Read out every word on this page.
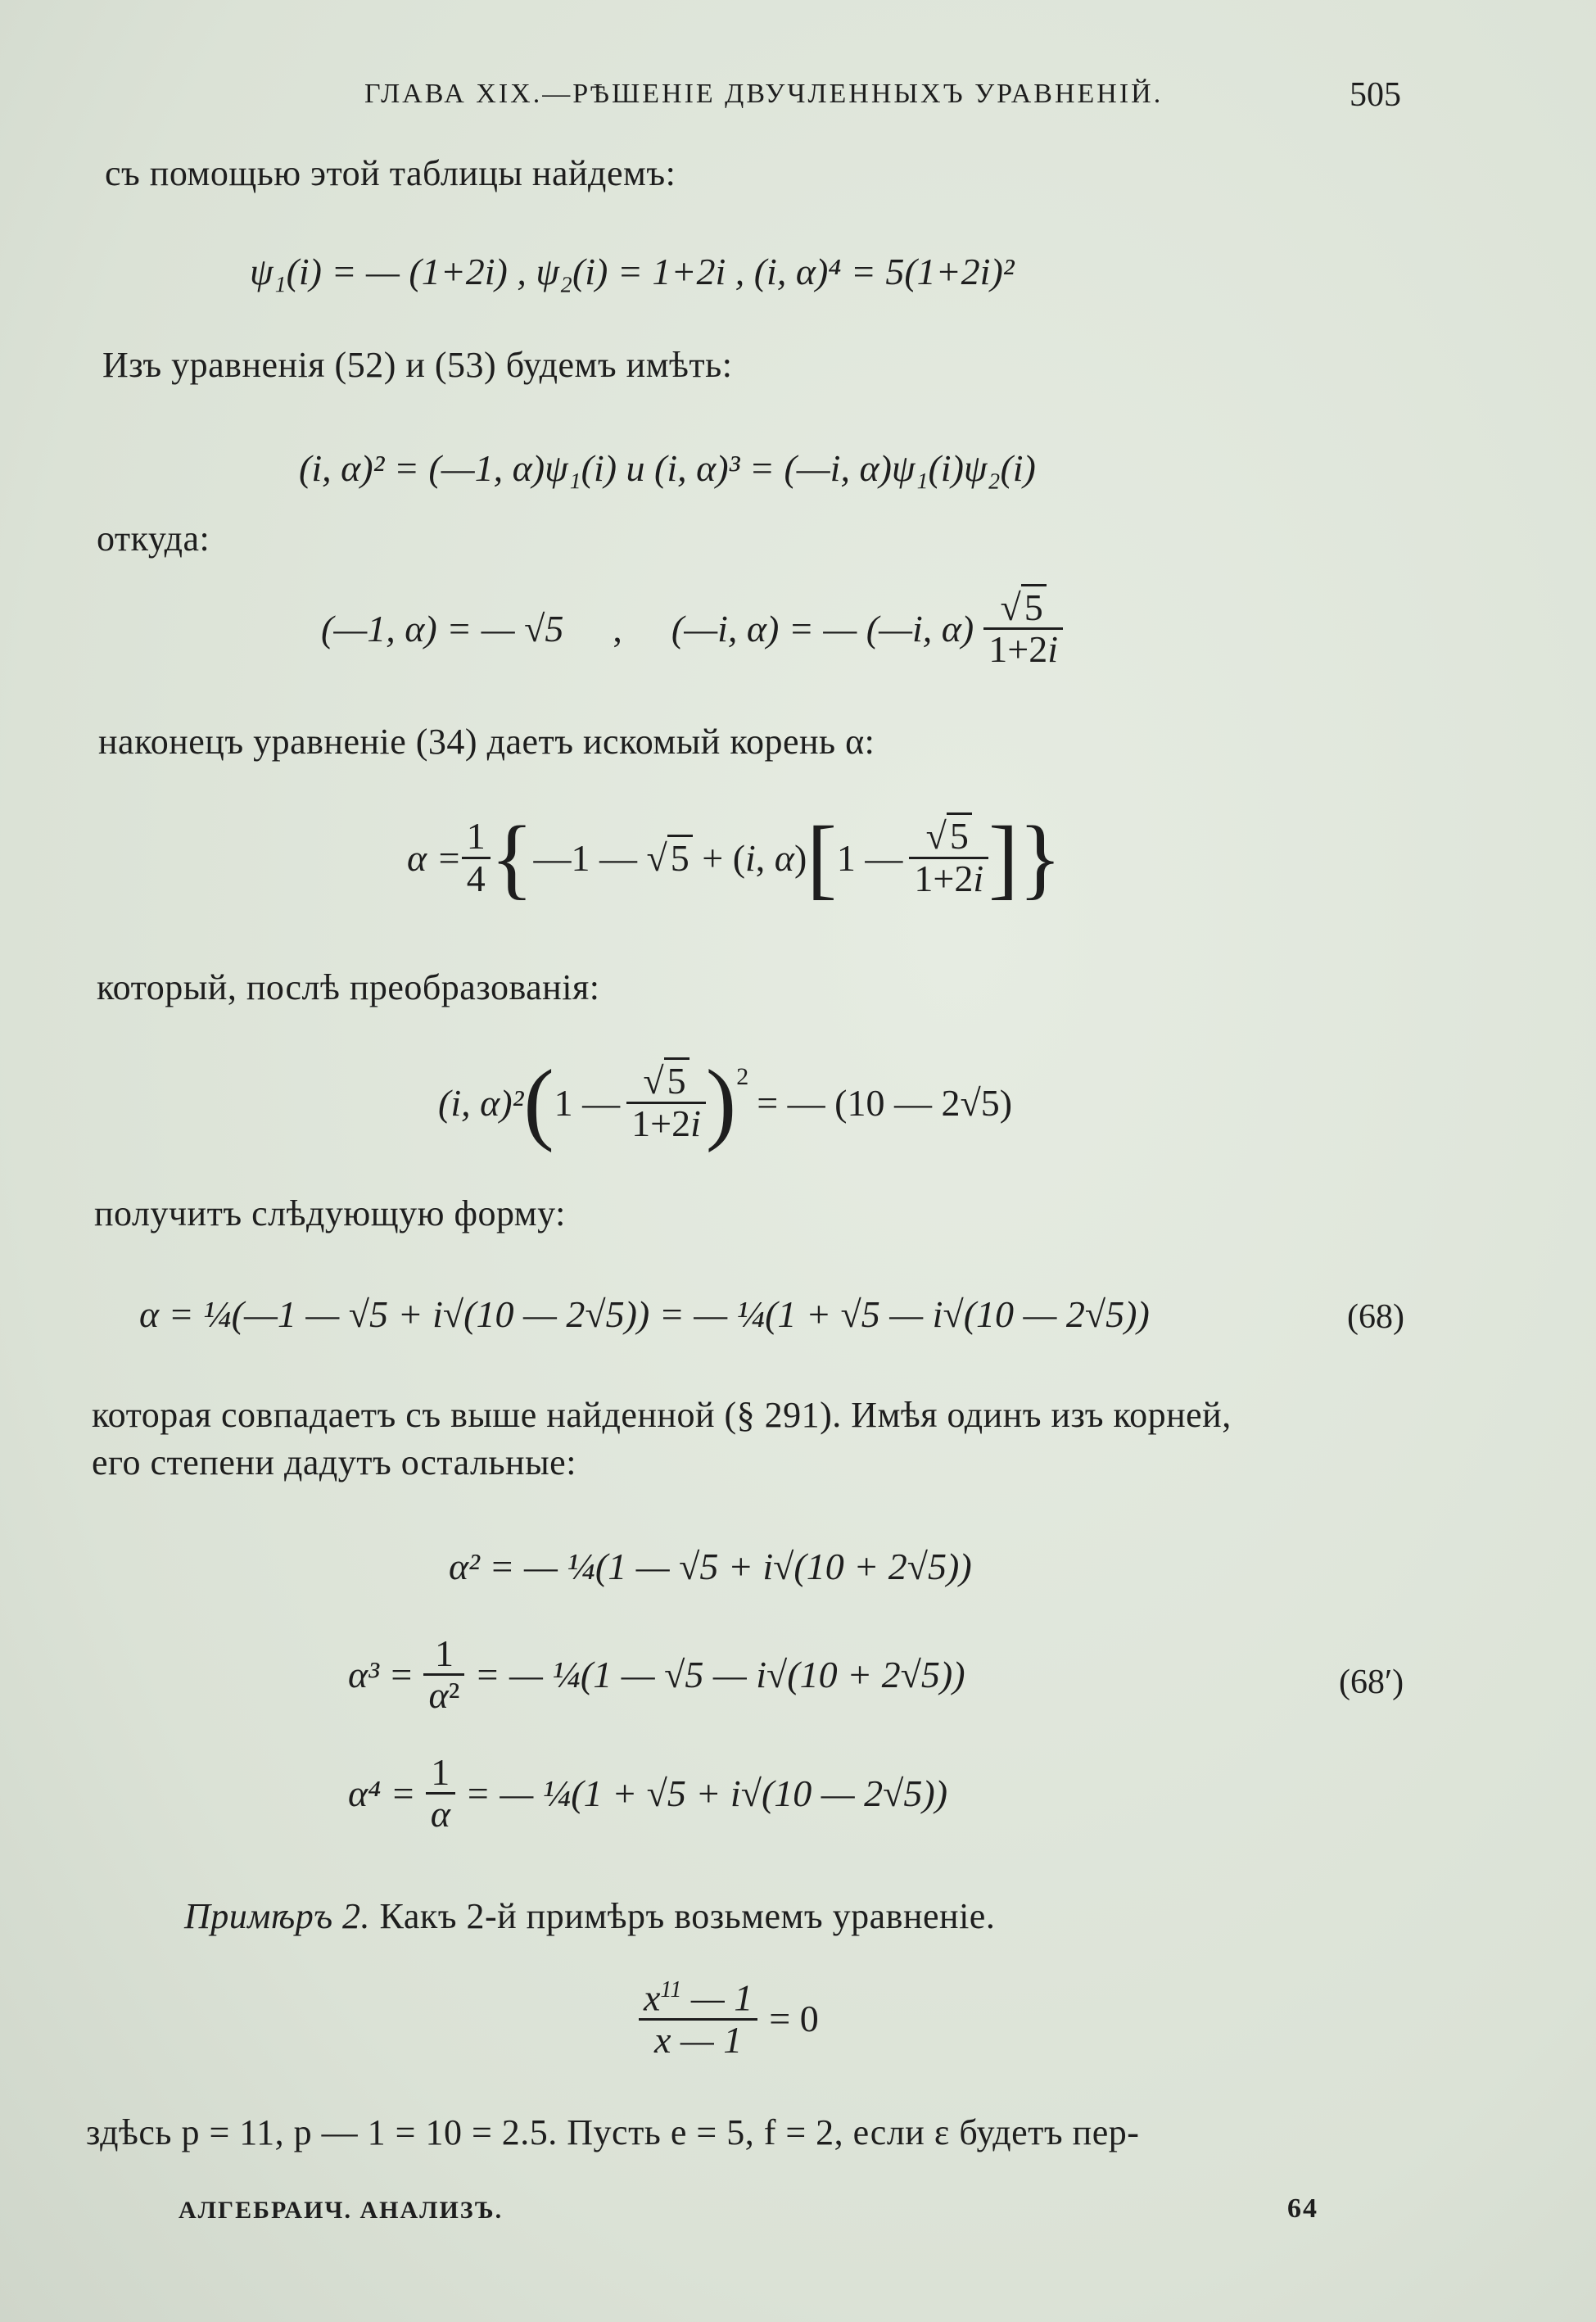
ГЛАВА XIX.—РѢШЕНІЕ ДВУЧЛЕННЫХЪ УРАВНЕНІЙ.	505
съ помощью этой таблицы найдемъ:
ψ₁(i) = — (1+2i) , ψ₂(i) = 1+2i , (i, α)⁴ = 5(1+2i)²
Изъ уравненія (52) и (53) будемъ имѣть:
(i, α)² = (—1, α)ψ₁(i) и (i, α)³ = (—i, α)ψ₁(i)ψ₂(i)
откуда:
(—1, α) = — √5 , (—i, α) = — (—i, $\alpha) \frac{√5}{1+2i}$
наконецъ уравненіе (34) даетъ искомый корень α:
$\alpha = \frac{1}{4}$ { —1 — √5 + (i, α) [ 1 — $\frac{√5}{1+2i}$ ] }
который, послѣ преобразованія:
(i, α)² ( 1 — $\frac{√5}{1+2i}$ ) 2
= — (10 — 2√5)
получитъ слѣдующую форму:
α = ¼(—1 — √5 + i√(10 — 2√5)) = — ¼(1 + √5 — i√(10 — 2√5))	(68)
которая совпадаетъ съ выше найденной (§ 291). Имѣя одинъ изъ корней,
его степени дадутъ остальные:
α² = — ¼(1 — √5 + i√(10 + 2√5))
$\alpha^3 = \frac{1}{\text{α²}}$ = — ¼(1 — √5 — i√(10 + 2√5))	(68′)
$\alpha^4 = \frac{1}{\alpha}$ = — ¼(1 + √5 + i√(10 — 2√5))
Примѣръ 2. Какъ 2-й примѣръ возьмемъ уравненіе.
$\frac{x^{11} — 1}{x — 1} = 0$
здѣсь p = 11, p — 1 = 10 = 2.5. Пусть e = 5, f = 2, если ε будетъ пер-
АЛГЕБРАИЧ. АНАЛИЗЪ.	64
